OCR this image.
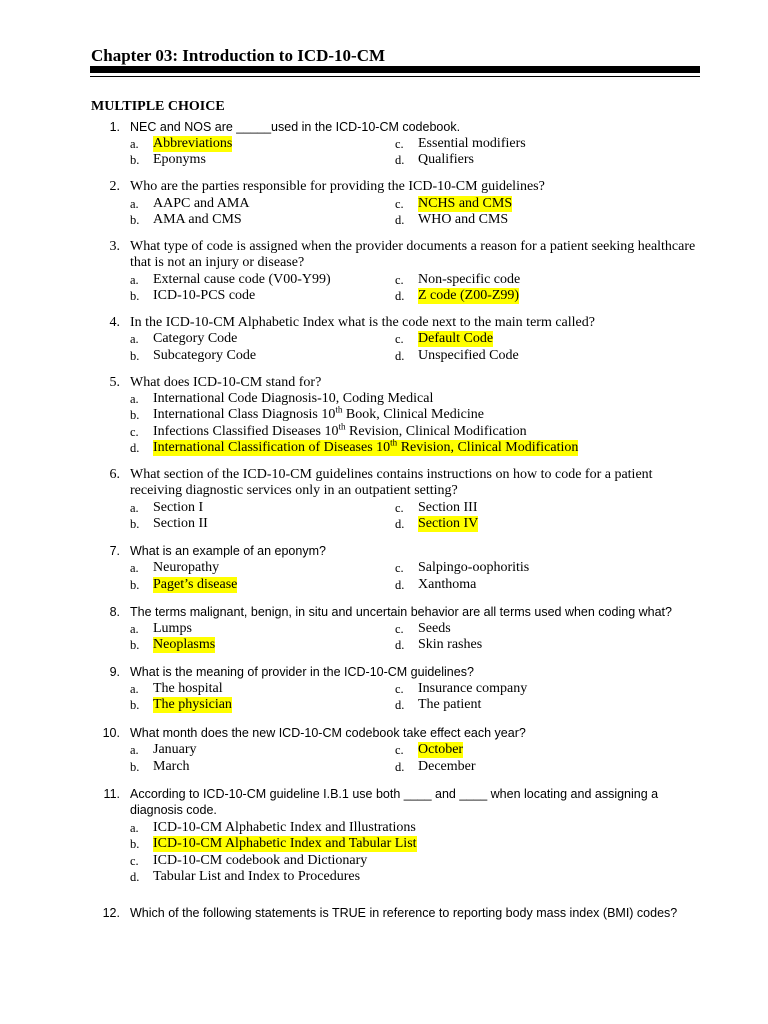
Chapter 03: Introduction to ICD-10-CM
MULTIPLE CHOICE
1. NEC and NOS are _____used in the ICD-10-CM codebook.
a. Abbreviations
b. Eponyms
c. Essential modifiers
d. Qualifiers
2. Who are the parties responsible for providing the ICD-10-CM guidelines?
a. AAPC and AMA
b. AMA and CMS
c. NCHS and CMS
d. WHO and CMS
3. What type of code is assigned when the provider documents a reason for a patient seeking healthcare that is not an injury or disease?
a. External cause code (V00-Y99)
b. ICD-10-PCS code
c. Non-specific code
d. Z code (Z00-Z99)
4. In the ICD-10-CM Alphabetic Index what is the code next to the main term called?
a. Category Code
b. Subcategory Code
c. Default Code
d. Unspecified Code
5. What does ICD-10-CM stand for?
a. International Code Diagnosis-10, Coding Medical
b. International Class Diagnosis 10th Book, Clinical Medicine
c. Infections Classified Diseases 10th Revision, Clinical Modification
d. International Classification of Diseases 10th Revision, Clinical Modification
6. What section of the ICD-10-CM guidelines contains instructions on how to code for a patient receiving diagnostic services only in an outpatient setting?
a. Section I
b. Section II
c. Section III
d. Section IV
7. What is an example of an eponym?
a. Neuropathy
b. Paget’s disease
c. Salpingo-oophoritis
d. Xanthoma
8. The terms malignant, benign, in situ and uncertain behavior are all terms used when coding what?
a. Lumps
b. Neoplasms
c. Seeds
d. Skin rashes
9. What is the meaning of provider in the ICD-10-CM guidelines?
a. The hospital
b. The physician
c. Insurance company
d. The patient
10. What month does the new ICD-10-CM codebook take effect each year?
a. January
b. March
c. October
d. December
11. According to ICD-10-CM guideline I.B.1 use both ____ and ____ when locating and assigning a diagnosis code.
a. ICD-10-CM Alphabetic Index and Illustrations
b. ICD-10-CM Alphabetic Index and Tabular List
c. ICD-10-CM codebook and Dictionary
d. Tabular List and Index to Procedures
12. Which of the following statements is TRUE in reference to reporting body mass index (BMI) codes?
